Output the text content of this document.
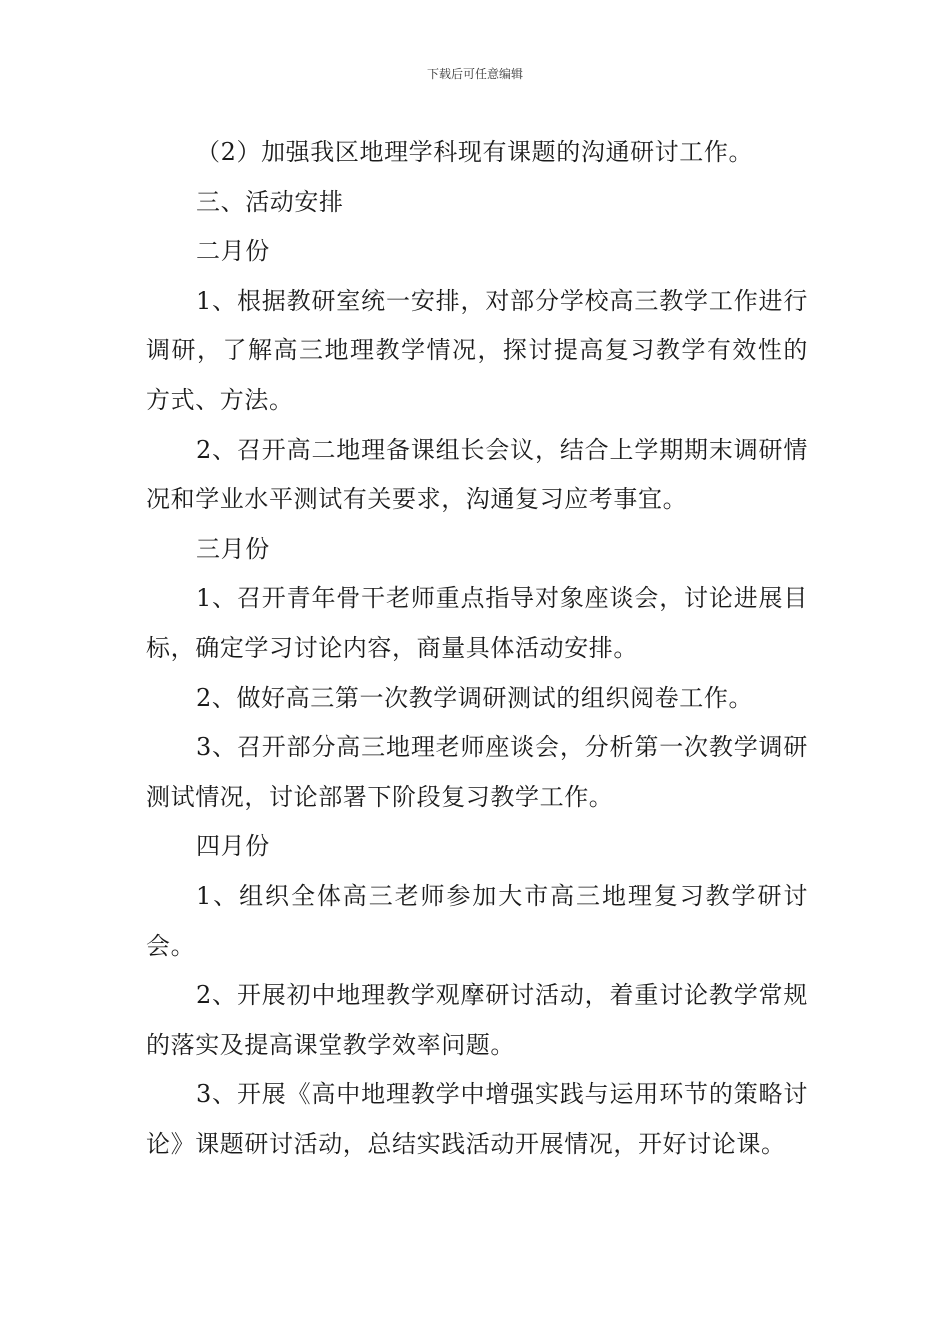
下载后可任意编辑

（2）加强我区地理学科现有课题的沟通研讨工作。

三、活动安排

二月份

1、根据教研室统一安排，对部分学校高三教学工作进行调研，了解高三地理教学情况，探讨提高复习教学有效性的方式、方法。

2、召开高二地理备课组长会议，结合上学期期末调研情况和学业水平测试有关要求，沟通复习应考事宜。

三月份

1、召开青年骨干老师重点指导对象座谈会，讨论进展目标，确定学习讨论内容，商量具体活动安排。

2、做好高三第一次教学调研测试的组织阅卷工作。

3、召开部分高三地理老师座谈会，分析第一次教学调研测试情况，讨论部署下阶段复习教学工作。

四月份

1、组织全体高三老师参加大市高三地理复习教学研讨会。

2、开展初中地理教学观摩研讨活动，着重讨论教学常规的落实及提高课堂教学效率问题。

3、开展《高中地理教学中增强实践与运用环节的策略讨论》课题研讨活动，总结实践活动开展情况，开好讨论课。
